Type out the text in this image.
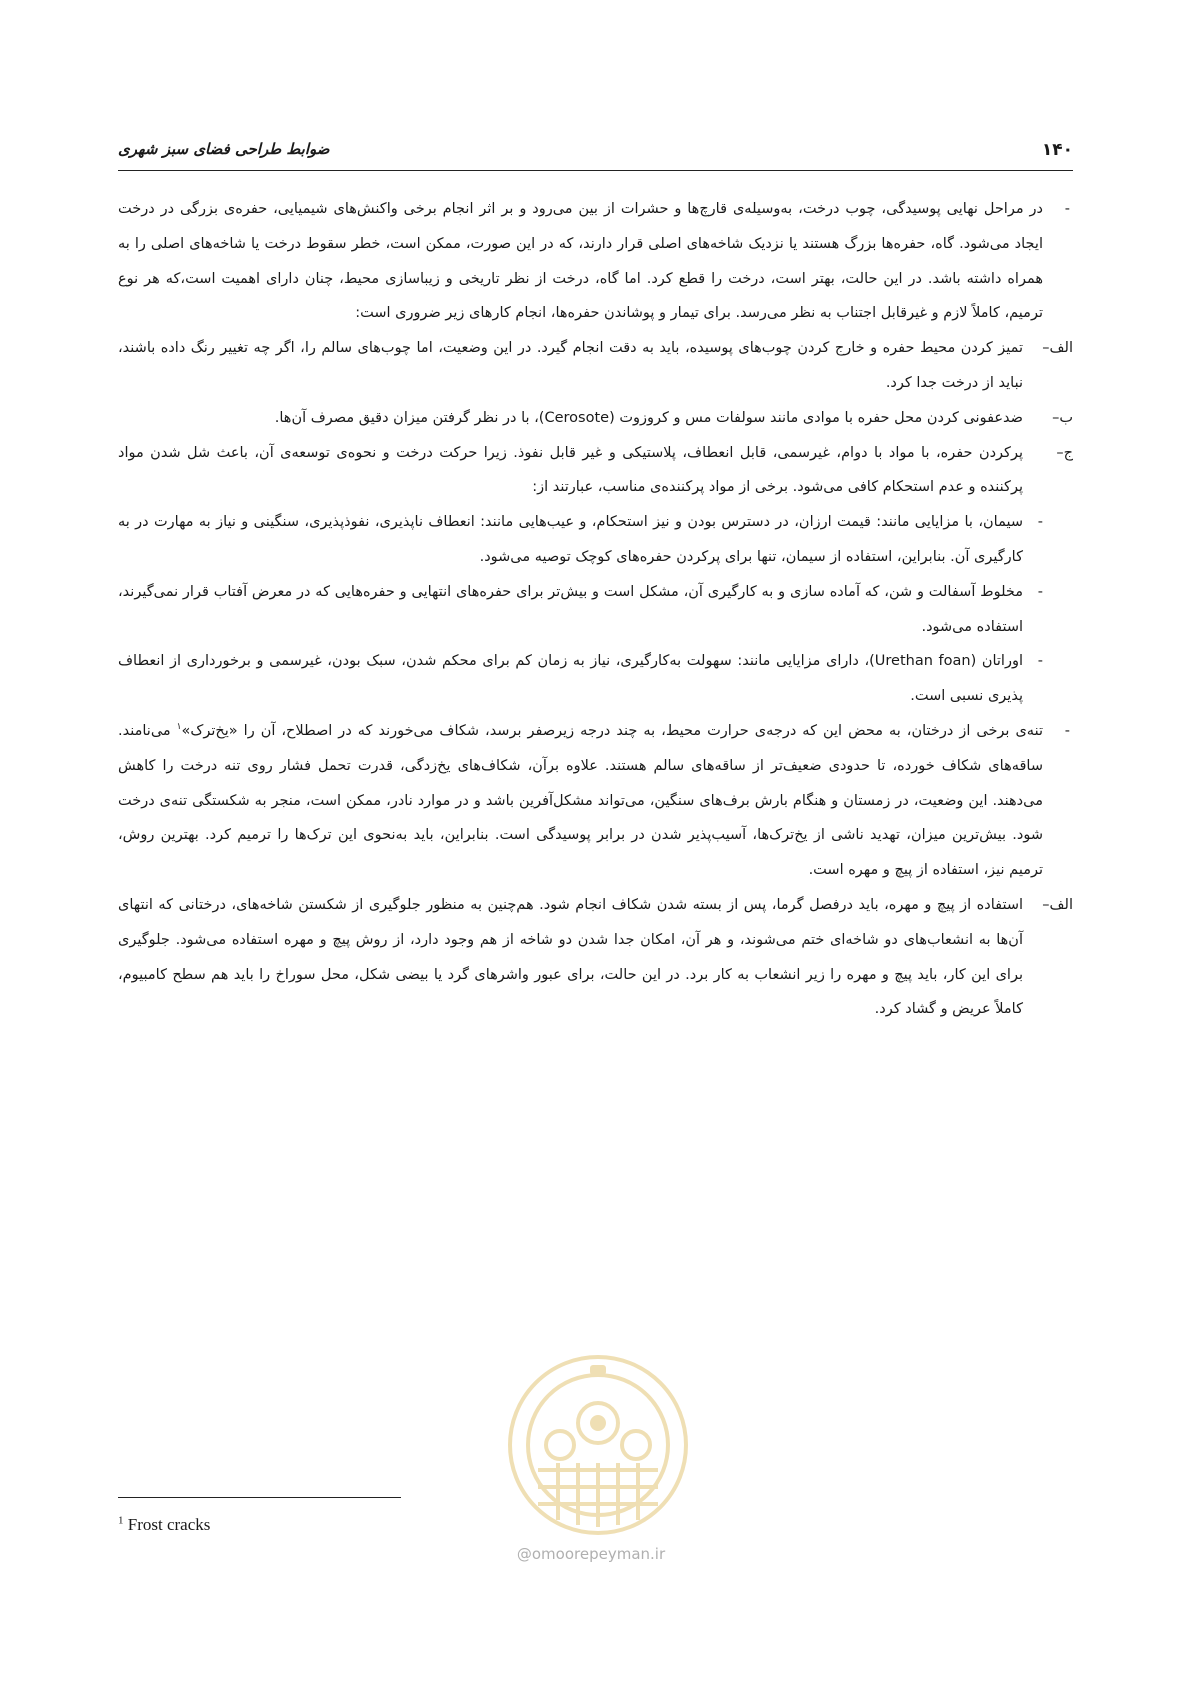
۱۴۰
ضوابط طراحی فضای سبز شهری

-
در مراحل نهایی پوسیدگی، چوب درخت، به‌وسیله‌ی قارچ‌ها و حشرات از بین می‌رود و بر اثر انجام برخی واکنش‌های شیمیایی، حفره‌ی بزرگی در درخت ایجاد می‌شود. گاه، حفره‌ها بزرگ هستند یا نزدیک شاخه‌های اصلی قرار دارند، که در این صورت، ممکن است، خطر سقوط درخت یا شاخه‌های اصلی را به همراه داشته باشد. در این حالت، بهتر است، درخت را قطع کرد. اما گاه، درخت از نظر تاریخی و زیباسازی محیط، چنان دارای اهمیت است،که هر نوع ترمیم، کاملاً لازم و غیرقابل اجتناب به نظر می‌رسد. برای تیمار و پوشاندن حفره‌ها، انجام کارهای زیر ضروری است:

الف–
تمیز کردن محیط حفره و خارج کردن چوب‌های پوسیده، باید به دقت انجام گیرد. در این وضعیت، اما چوب‌های سالم را، اگر چه تغییر رنگ داده باشند، نباید از درخت جدا کرد.

ب–
ضدعفونی کردن محل حفره با موادی مانند سولفات مس و کروزوت (Cerosote)، با در نظر گرفتن میزان دقیق مصرف آن‌ها.

ج–
پرکردن حفره، با مواد با دوام، غیرسمی، قابل انعطاف، پلاستیکی و غیر قابل نفوذ. زیرا حرکت درخت و نحوه‌ی توسعه‌ی آن، باعث شل شدن مواد پرکننده و عدم استحکام کافی می‌شود. برخی از مواد پرکننده‌ی مناسب، عبارتند از:

-
سیمان، با مزایایی مانند: قیمت ارزان، در دسترس بودن و نیز استحکام، و عیب‌هایی مانند: انعطاف ناپذیری، نفوذپذیری، سنگینی و نیاز به مهارت در به کارگیری آن. بنابراین، استفاده از سیمان، تنها برای پرکردن حفره‌های کوچک توصیه می‌شود.

-
مخلوط آسفالت و شن، که آماده سازی و به کارگیری آن، مشکل است و بیش‌تر برای حفره‌های انتهایی و حفره‌هایی که در معرض آفتاب قرار نمی‌گیرند، استفاده می‌شود.

-
اوراتان (Urethan foan)، دارای مزایایی مانند: سهولت به‌کارگیری، نیاز به زمان کم برای محکم شدن، سبک بودن، غیرسمی و برخورداری از انعطاف پذیری نسبی است.

-
تنه‌ی برخی از درختان، به محض این که درجه‌ی حرارت محیط، به چند درجه زیرصفر برسد، شکاف می‌خورند که در اصطلاح، آن را «یخ‌ترک»$^۱$ می‌نامند. ساقه‌های شکاف خورده، تا حدودی ضعیف‌تر از ساقه‌های سالم هستند. علاوه برآن، شکاف‌های یخ‌زدگی، قدرت تحمل فشار روی تنه درخت را کاهش می‌دهند. این وضعیت، در زمستان و هنگام بارش برف‌های سنگین، می‌تواند مشکل‌آفرین باشد و در موارد نادر، ممکن است، منجر به شکستگی تنه‌ی درخت شود. بیش‌ترین میزان، تهدید ناشی از یخ‌ترک‌ها، آسیب‌پذیر شدن در برابر پوسیدگی است. بنابراین، باید به‌نحوی این ترک‌ها را ترمیم کرد. بهترین روش، ترمیم نیز، استفاده از پیچ و مهره است.

الف–
استفاده از پیچ و مهره، باید درفصل گرما، پس از بسته شدن شکاف انجام شود. هم‌چنین به منظور جلوگیری از شکستن شاخه‌های، درختانی که انتهای آن‌ها به انشعاب‌های دو شاخه‌ای ختم می‌شوند، و هر آن، امکان جدا شدن دو شاخه از هم وجود دارد، از روش پیچ و مهره استفاده می‌شود. جلوگیری برای این کار، باید پیچ و مهره را زیر انشعاب به کار برد. در این حالت، برای عبور واشرهای گرد یا بیضی شکل، محل سوراخ را باید هم سطح کامبیوم، کاملاً عریض و گشاد کرد.

@omoorepeyman.ir
$^1$ Frost cracks
